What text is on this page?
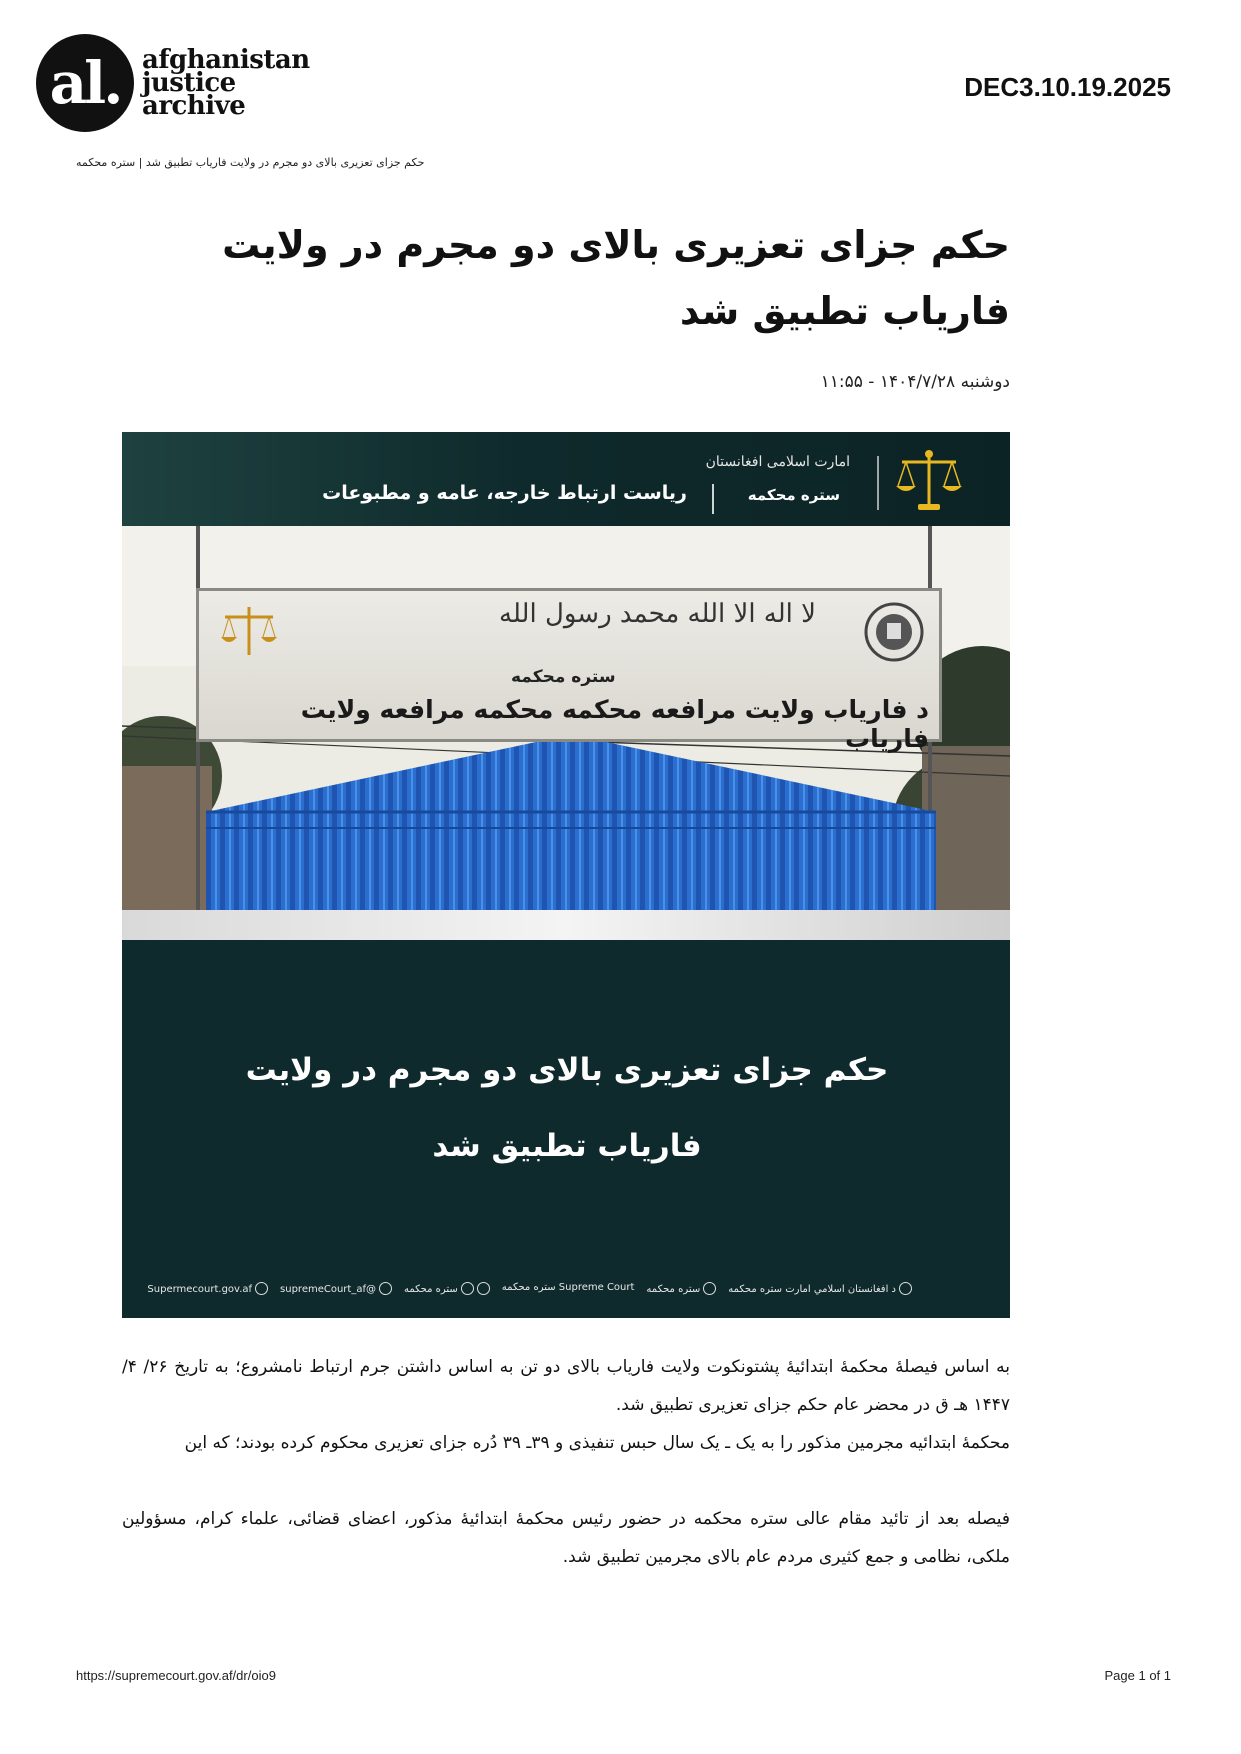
al. afghanistan
justice
archive
DEC3.10.19.2025
حکم جزای تعزیری بالای دو مجرم در ولایت فاریاب تطبیق شد | ستره محکمه
حکم جزای تعزیری بالای دو مجرم در ولایت فاریاب تطبیق شد
دوشنبه ۱۴۰۴/۷/۲۸ - ۱۱:۵۵
ریاست ارتباط خارجه، عامه و مطبوعات
امارت اسلامی افغانستان
ستره محکمه
لا اله الا الله محمد رسول الله
ستره محکمه
د فاریاب ولایت مرافعه محکمه محکمه مرافعه ولایت فاریاب
حکم جزای تعزیری بالای دو مجرم در ولایت فاریاب تطبیق شد
د افغانستان اسلامي امارت ستره محکمه
ستره محکمه
Supreme Court ستره محکمه
ستره محکمه
@supremeCourt_af
Supermecourt.gov.af

به اساس فیصلهٔ محکمهٔ ابتدائیهٔ پشتونکوت ولایت فاریاب بالای دو تن به اساس داشتن جرم ارتباط نامشروع؛ به تاریخ ۲۶/ ۴/ ۱۴۴۷ هـ ق در محضر عام حکم جزای تعزیری تطبیق شد.

محکمهٔ ابتدائیه مجرمین مذکور را به یک ـ یک سال حبس تنفیذی و ۳۹ـ ۳۹ دُره جزای تعزیری محکوم کرده بودند؛ که این

فیصله بعد از تائید مقام عالی ستره محکمه در حضور رئیس محکمهٔ ابتدائیهٔ مذکور، اعضای قضائی، علماء کرام، مسؤولین ملکی، نظامی و جمع کثیری مردم عام بالای مجرمین تطبیق شد.

https://supremecourt.gov.af/dr/oio9	Page 1 of 1
